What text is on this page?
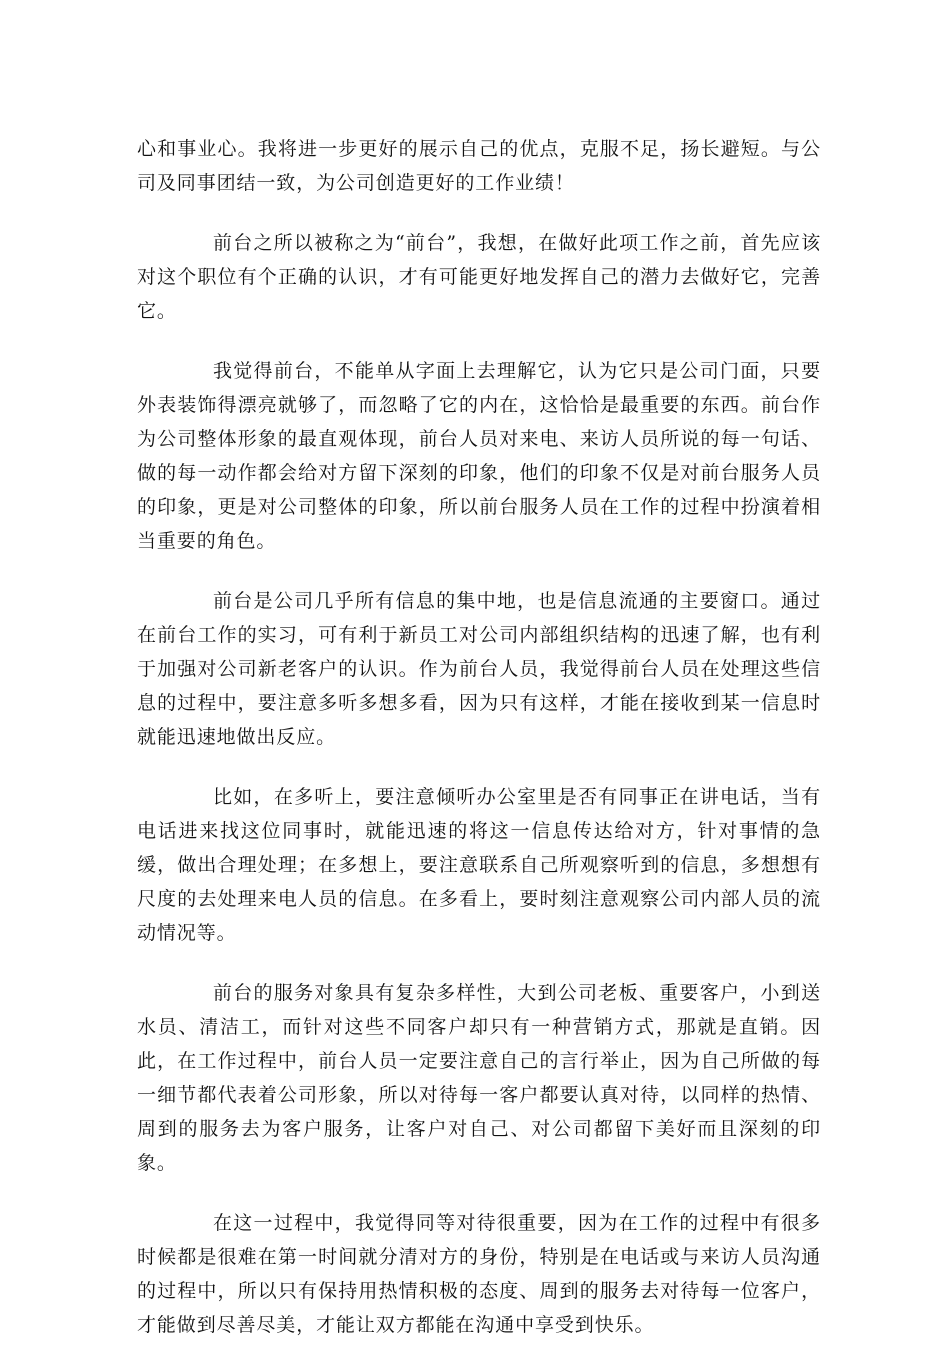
心和事业心。我将进一步更好的展示自己的优点，克服不足，扬长避短。与公司及同事团结一致，为公司创造更好的工作业绩！

前台之所以被称之为“前台”，我想，在做好此项工作之前，首先应该对这个职位有个正确的认识，才有可能更好地发挥自己的潜力去做好它，完善它。

我觉得前台，不能单从字面上去理解它，认为它只是公司门面，只要外表装饰得漂亮就够了，而忽略了它的内在，这恰恰是最重要的东西。前台作为公司整体形象的最直观体现，前台人员对来电、来访人员所说的每一句话、做的每一动作都会给对方留下深刻的印象，他们的印象不仅是对前台服务人员的印象，更是对公司整体的印象，所以前台服务人员在工作的过程中扮演着相当重要的角色。

前台是公司几乎所有信息的集中地，也是信息流通的主要窗口。通过在前台工作的实习，可有利于新员工对公司内部组织结构的迅速了解，也有利于加强对公司新老客户的认识。作为前台人员，我觉得前台人员在处理这些信息的过程中，要注意多听多想多看，因为只有这样，才能在接收到某一信息时就能迅速地做出反应。

比如，在多听上，要注意倾听办公室里是否有同事正在讲电话，当有电话进来找这位同事时，就能迅速的将这一信息传达给对方，针对事情的急缓，做出合理处理；在多想上，要注意联系自己所观察听到的信息，多想想有尺度的去处理来电人员的信息。在多看上，要时刻注意观察公司内部人员的流动情况等。

前台的服务对象具有复杂多样性，大到公司老板、重要客户，小到送水员、清洁工，而针对这些不同客户却只有一种营销方式，那就是直销。因此，在工作过程中，前台人员一定要注意自己的言行举止，因为自己所做的每一细节都代表着公司形象，所以对待每一客户都要认真对待，以同样的热情、周到的服务去为客户服务，让客户对自己、对公司都留下美好而且深刻的印象。

在这一过程中，我觉得同等对待很重要，因为在工作的过程中有很多时候都是很难在第一时间就分清对方的身份，特别是在电话或与来访人员沟通的过程中，所以只有保持用热情积极的态度、周到的服务去对待每一位客户，才能做到尽善尽美，才能让双方都能在沟通中享受到快乐。
